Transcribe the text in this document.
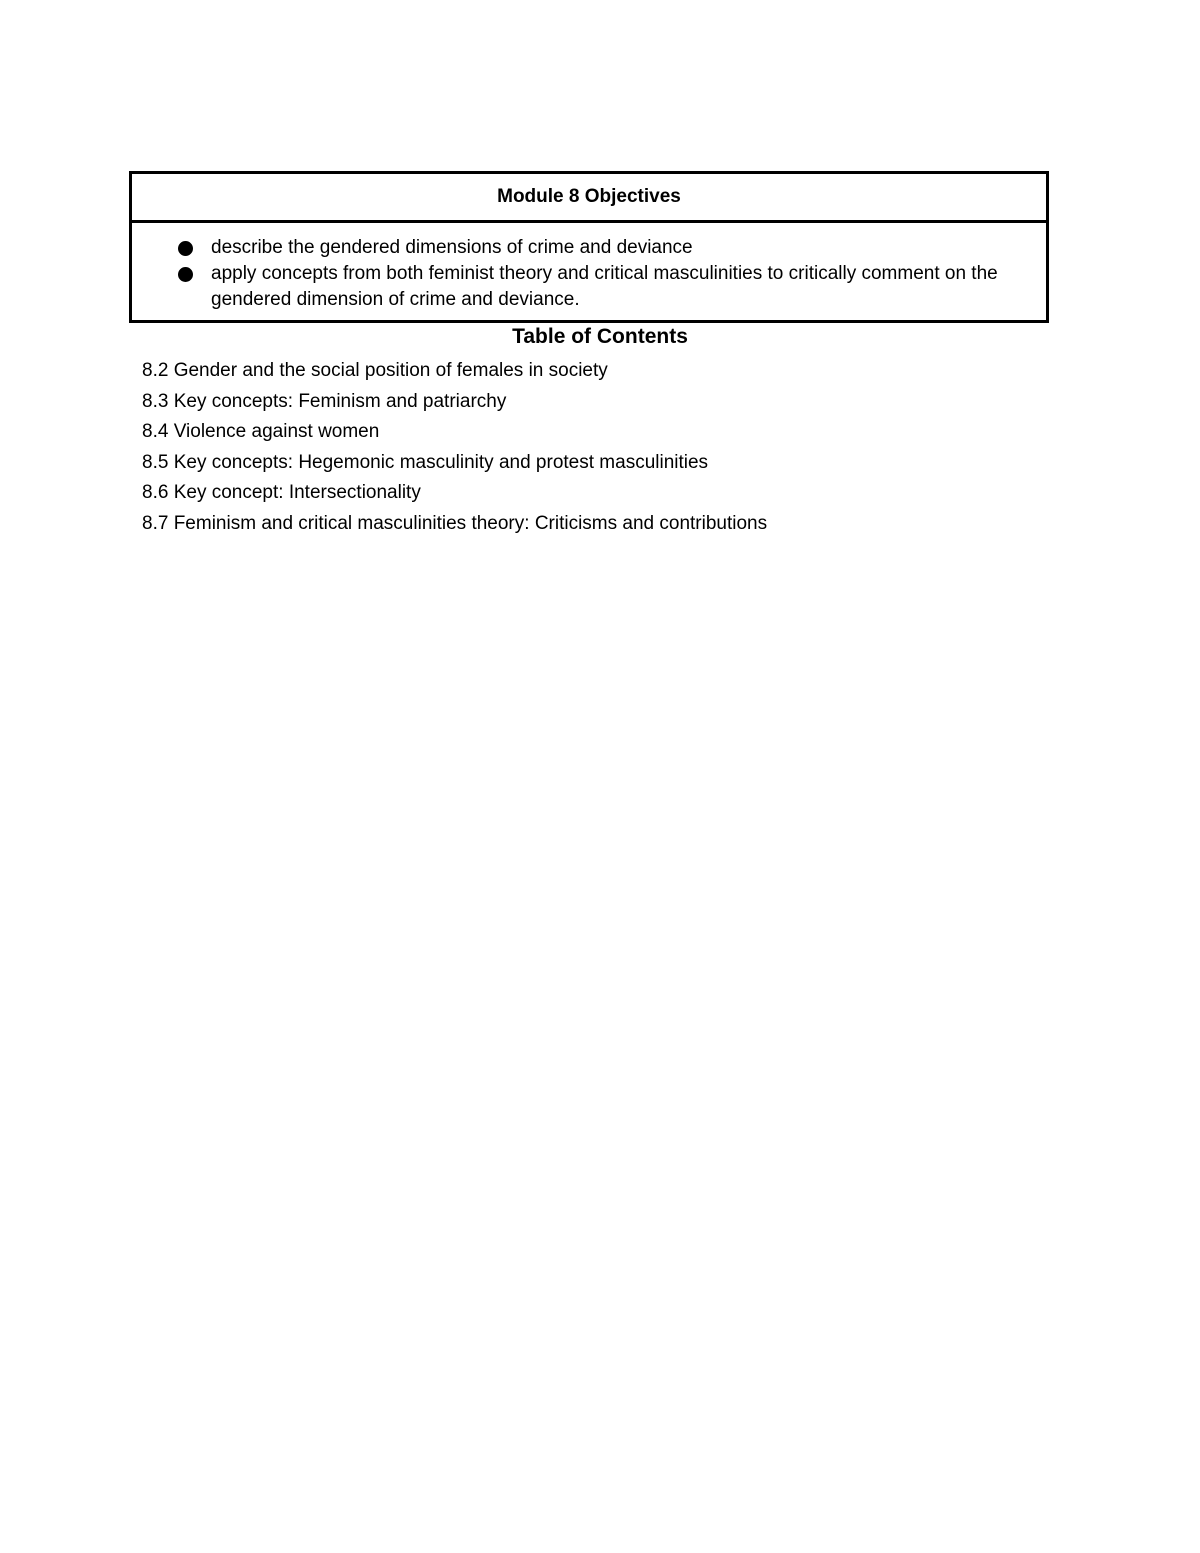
Module 8 Objectives
describe the gendered dimensions of crime and deviance
apply concepts from both feminist theory and critical masculinities to critically comment on the gendered dimension of crime and deviance.
Table of Contents
8.2 Gender and the social position of females in society
8.3 Key concepts: Feminism and patriarchy
8.4 Violence against women
8.5 Key concepts: Hegemonic masculinity and protest masculinities
8.6 Key concept: Intersectionality
8.7 Feminism and critical masculinities theory: Criticisms and contributions
